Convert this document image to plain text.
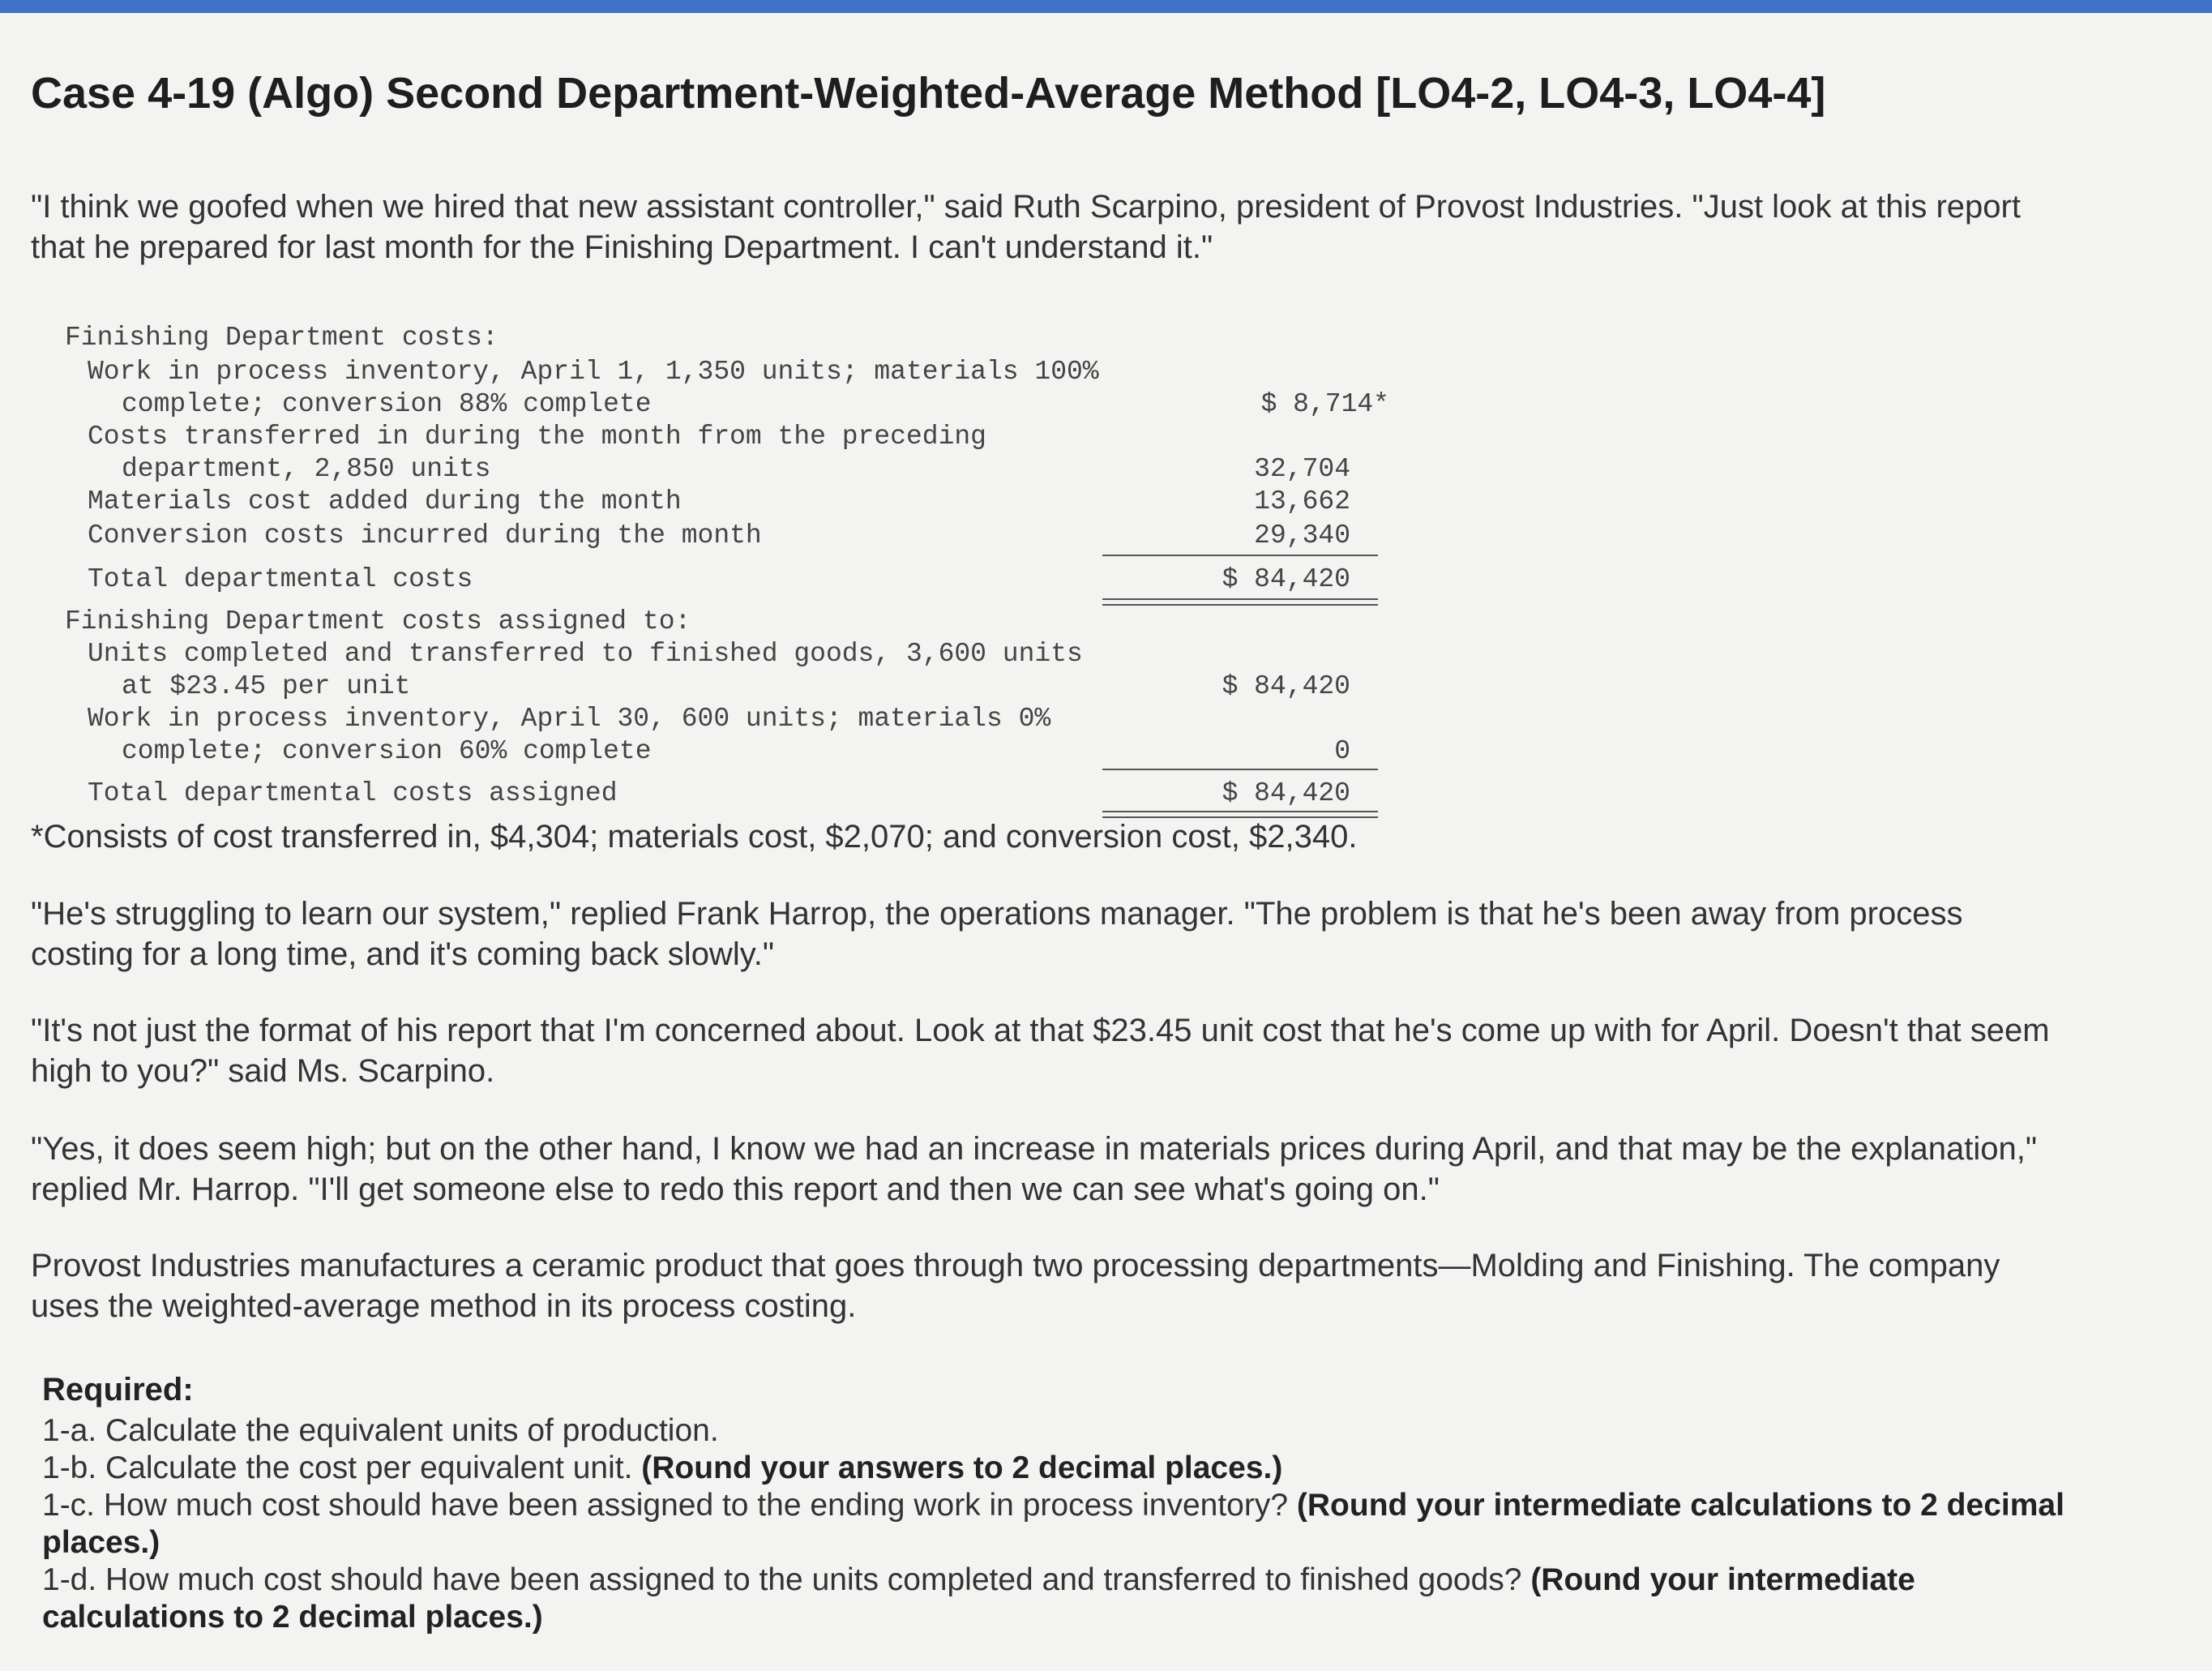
Case 4-19 (Algo) Second Department-Weighted-Average Method [LO4-2, LO4-3, LO4-4]
"I think we goofed when we hired that new assistant controller," said Ruth Scarpino, president of Provost Industries. "Just look at this report that he prepared for last month for the Finishing Department. I can't understand it."
Finishing Department costs:
Work in process inventory, April 1, 1,350 units; materials 100%
complete; conversion 88% complete
Costs transferred in during the month from the preceding
department, 2,850 units
Materials cost added during the month
Conversion costs incurred during the month
Total departmental costs
Finishing Department costs assigned to:
Units completed and transferred to finished goods, 3,600 units
at $23.45 per unit
Work in process inventory, April 30, 600 units; materials 0%
complete; conversion 60% complete
Total departmental costs assigned
$ 8,714*
32,704
13,662
29,340
$ 84,420
$ 84,420
0
$ 84,420
*Consists of cost transferred in, $4,304; materials cost, $2,070; and conversion cost, $2,340.
"He's struggling to learn our system," replied Frank Harrop, the operations manager. "The problem is that he's been away from process costing for a long time, and it's coming back slowly."
"It's not just the format of his report that I'm concerned about. Look at that $23.45 unit cost that he's come up with for April. Doesn't that seem high to you?" said Ms. Scarpino.
"Yes, it does seem high; but on the other hand, I know we had an increase in materials prices during April, and that may be the explanation," replied Mr. Harrop. "I'll get someone else to redo this report and then we can see what's going on."
Provost Industries manufactures a ceramic product that goes through two processing departments—Molding and Finishing. The company uses the weighted-average method in its process costing.
Required:
1-a. Calculate the equivalent units of production.
1-b. Calculate the cost per equivalent unit. (Round your answers to 2 decimal places.)
1-c. How much cost should have been assigned to the ending work in process inventory? (Round your intermediate calculations to 2 decimal places.)
1-d. How much cost should have been assigned to the units completed and transferred to finished goods? (Round your intermediate calculations to 2 decimal places.)
